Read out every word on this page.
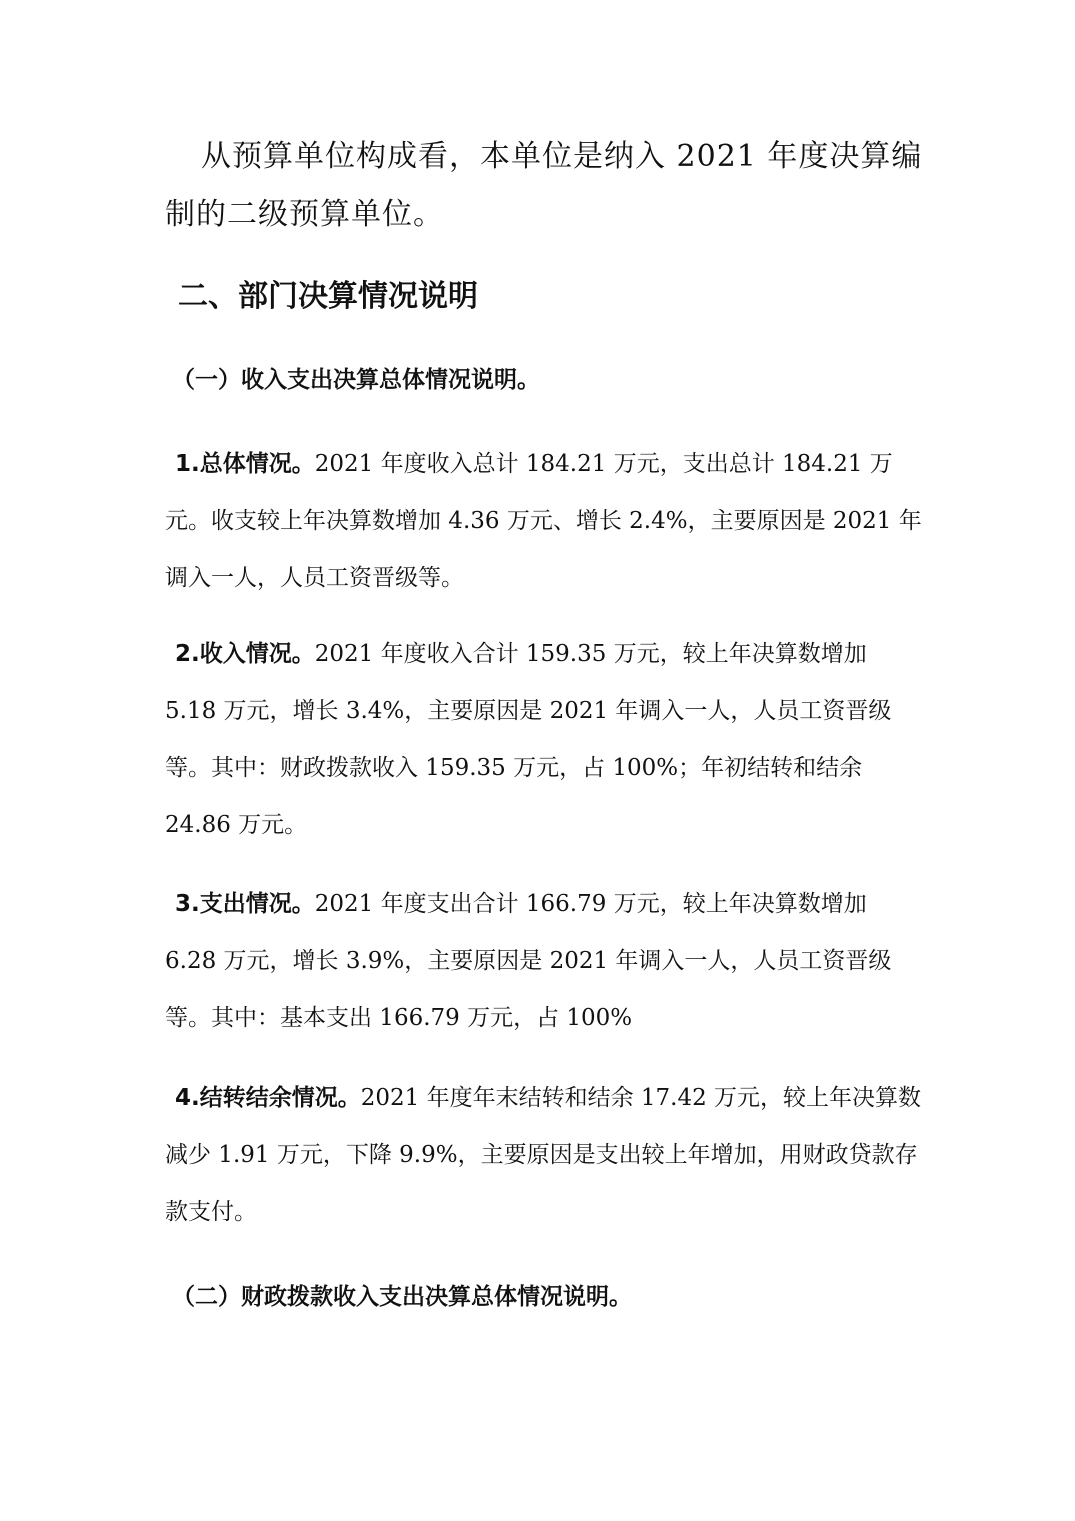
从预算单位构成看，本单位是纳入 2021 年度决算编制的二级预算单位。

二、部门决算情况说明
（一）收入支出决算总体情况说明。

1.总体情况。2021 年度收入总计 184.21 万元，支出总计 184.21 万元。收支较上年决算数增加 4.36 万元、增长 2.4%，主要原因是 2021 年调入一人，人员工资晋级等。

2.收入情况。2021 年度收入合计 159.35 万元，较上年决算数增加 5.18 万元，增长 3.4%，主要原因是 2021 年调入一人，人员工资晋级等。其中：财政拨款收入 159.35 万元，占 100%；年初结转和结余 24.86 万元。

3.支出情况。2021 年度支出合计 166.79 万元，较上年决算数增加 6.28 万元，增长 3.9%，主要原因是 2021 年调入一人，人员工资晋级等。其中：基本支出 166.79 万元，占 100%

4.结转结余情况。2021 年度年末结转和结余 17.42 万元，较上年决算数减少 1.91 万元，下降 9.9%，主要原因是支出较上年增加，用财政贷款存款支付。

（二）财政拨款收入支出决算总体情况说明。
